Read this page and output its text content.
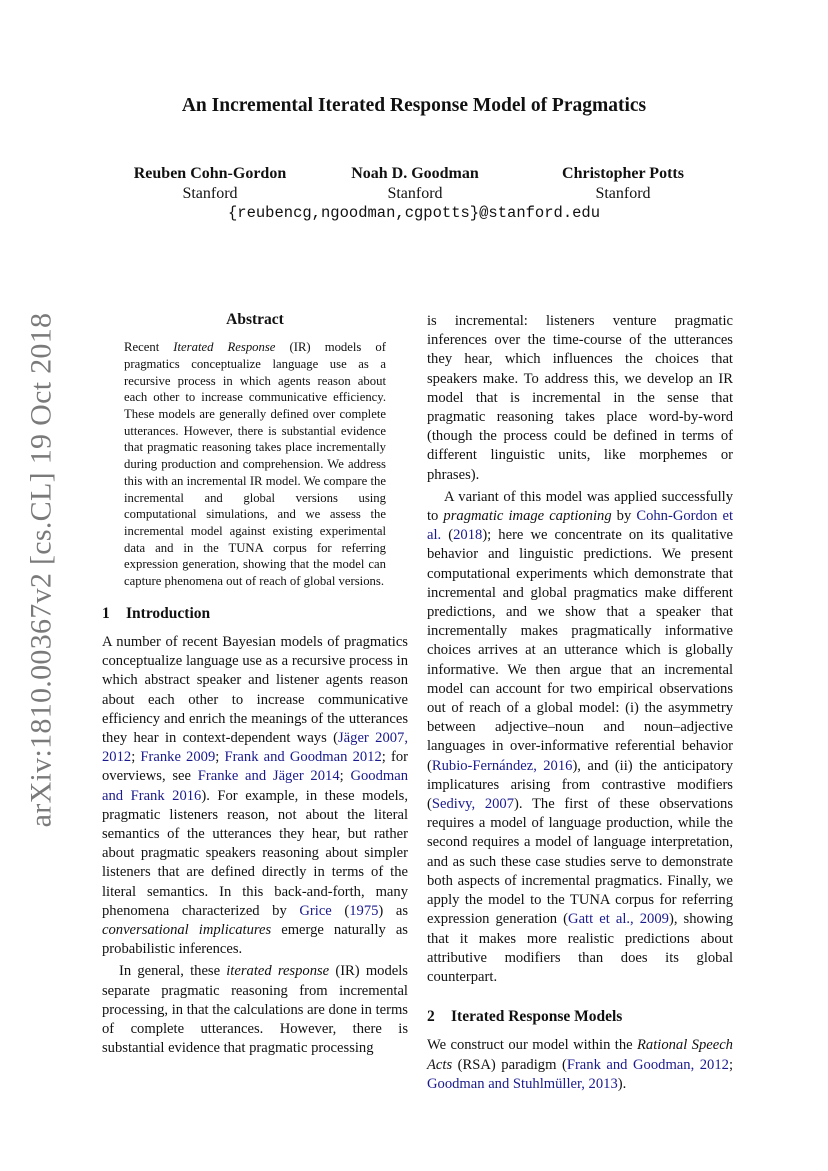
arXiv:1810.00367v2 [cs.CL] 19 Oct 2018
An Incremental Iterated Response Model of Pragmatics
Reuben Cohn-Gordon
Stanford
Noah D. Goodman
Stanford
Christopher Potts
Stanford
{reubencg,ngoodman,cgpotts}@stanford.edu
Abstract

Recent Iterated Response (IR) models of pragmatics conceptualize language use as a recursive process in which agents reason about each other to increase communicative efficiency. These models are generally defined over complete utterances. However, there is substantial evidence that pragmatic reasoning takes place incrementally during production and comprehension. We address this with an incremental IR model. We compare the incremental and global versions using computational simulations, and we assess the incremental model against existing experimental data and in the TUNA corpus for referring expression generation, showing that the model can capture phenomena out of reach of global versions.

1 Introduction

A number of recent Bayesian models of pragmatics conceptualize language use as a recursive process in which abstract speaker and listener agents reason about each other to increase communicative efficiency and enrich the meanings of the utterances they hear in context-dependent ways (Jäger 2007, 2012; Franke 2009; Frank and Goodman 2012; for overviews, see Franke and Jäger 2014; Goodman and Frank 2016). For example, in these models, pragmatic listeners reason, not about the literal semantics of the utterances they hear, but rather about pragmatic speakers reasoning about simpler listeners that are defined directly in terms of the literal semantics. In this back-and-forth, many phenomena characterized by Grice (1975) as conversational implicatures emerge naturally as probabilistic inferences.

In general, these iterated response (IR) models separate pragmatic reasoning from incremental processing, in that the calculations are done in terms of complete utterances. However, there is substantial evidence that pragmatic processing

is incremental: listeners venture pragmatic inferences over the time-course of the utterances they hear, which influences the choices that speakers make. To address this, we develop an IR model that is incremental in the sense that pragmatic reasoning takes place word-by-word (though the process could be defined in terms of different linguistic units, like morphemes or phrases).

A variant of this model was applied successfully to pragmatic image captioning by Cohn-Gordon et al. (2018); here we concentrate on its qualitative behavior and linguistic predictions. We present computational experiments which demonstrate that incremental and global pragmatics make different predictions, and we show that a speaker that incrementally makes pragmatically informative choices arrives at an utterance which is globally informative. We then argue that an incremental model can account for two empirical observations out of reach of a global model: (i) the asymmetry between adjective–noun and noun–adjective languages in over-informative referential behavior (Rubio-Fernández, 2016), and (ii) the anticipatory implicatures arising from contrastive modifiers (Sedivy, 2007). The first of these observations requires a model of language production, while the second requires a model of language interpretation, and as such these case studies serve to demonstrate both aspects of incremental pragmatics. Finally, we apply the model to the TUNA corpus for referring expression generation (Gatt et al., 2009), showing that it makes more realistic predictions about attributive modifiers than does its global counterpart.

2 Iterated Response Models

We construct our model within the Rational Speech Acts (RSA) paradigm (Frank and Goodman, 2012; Goodman and Stuhlmüller, 2013).
